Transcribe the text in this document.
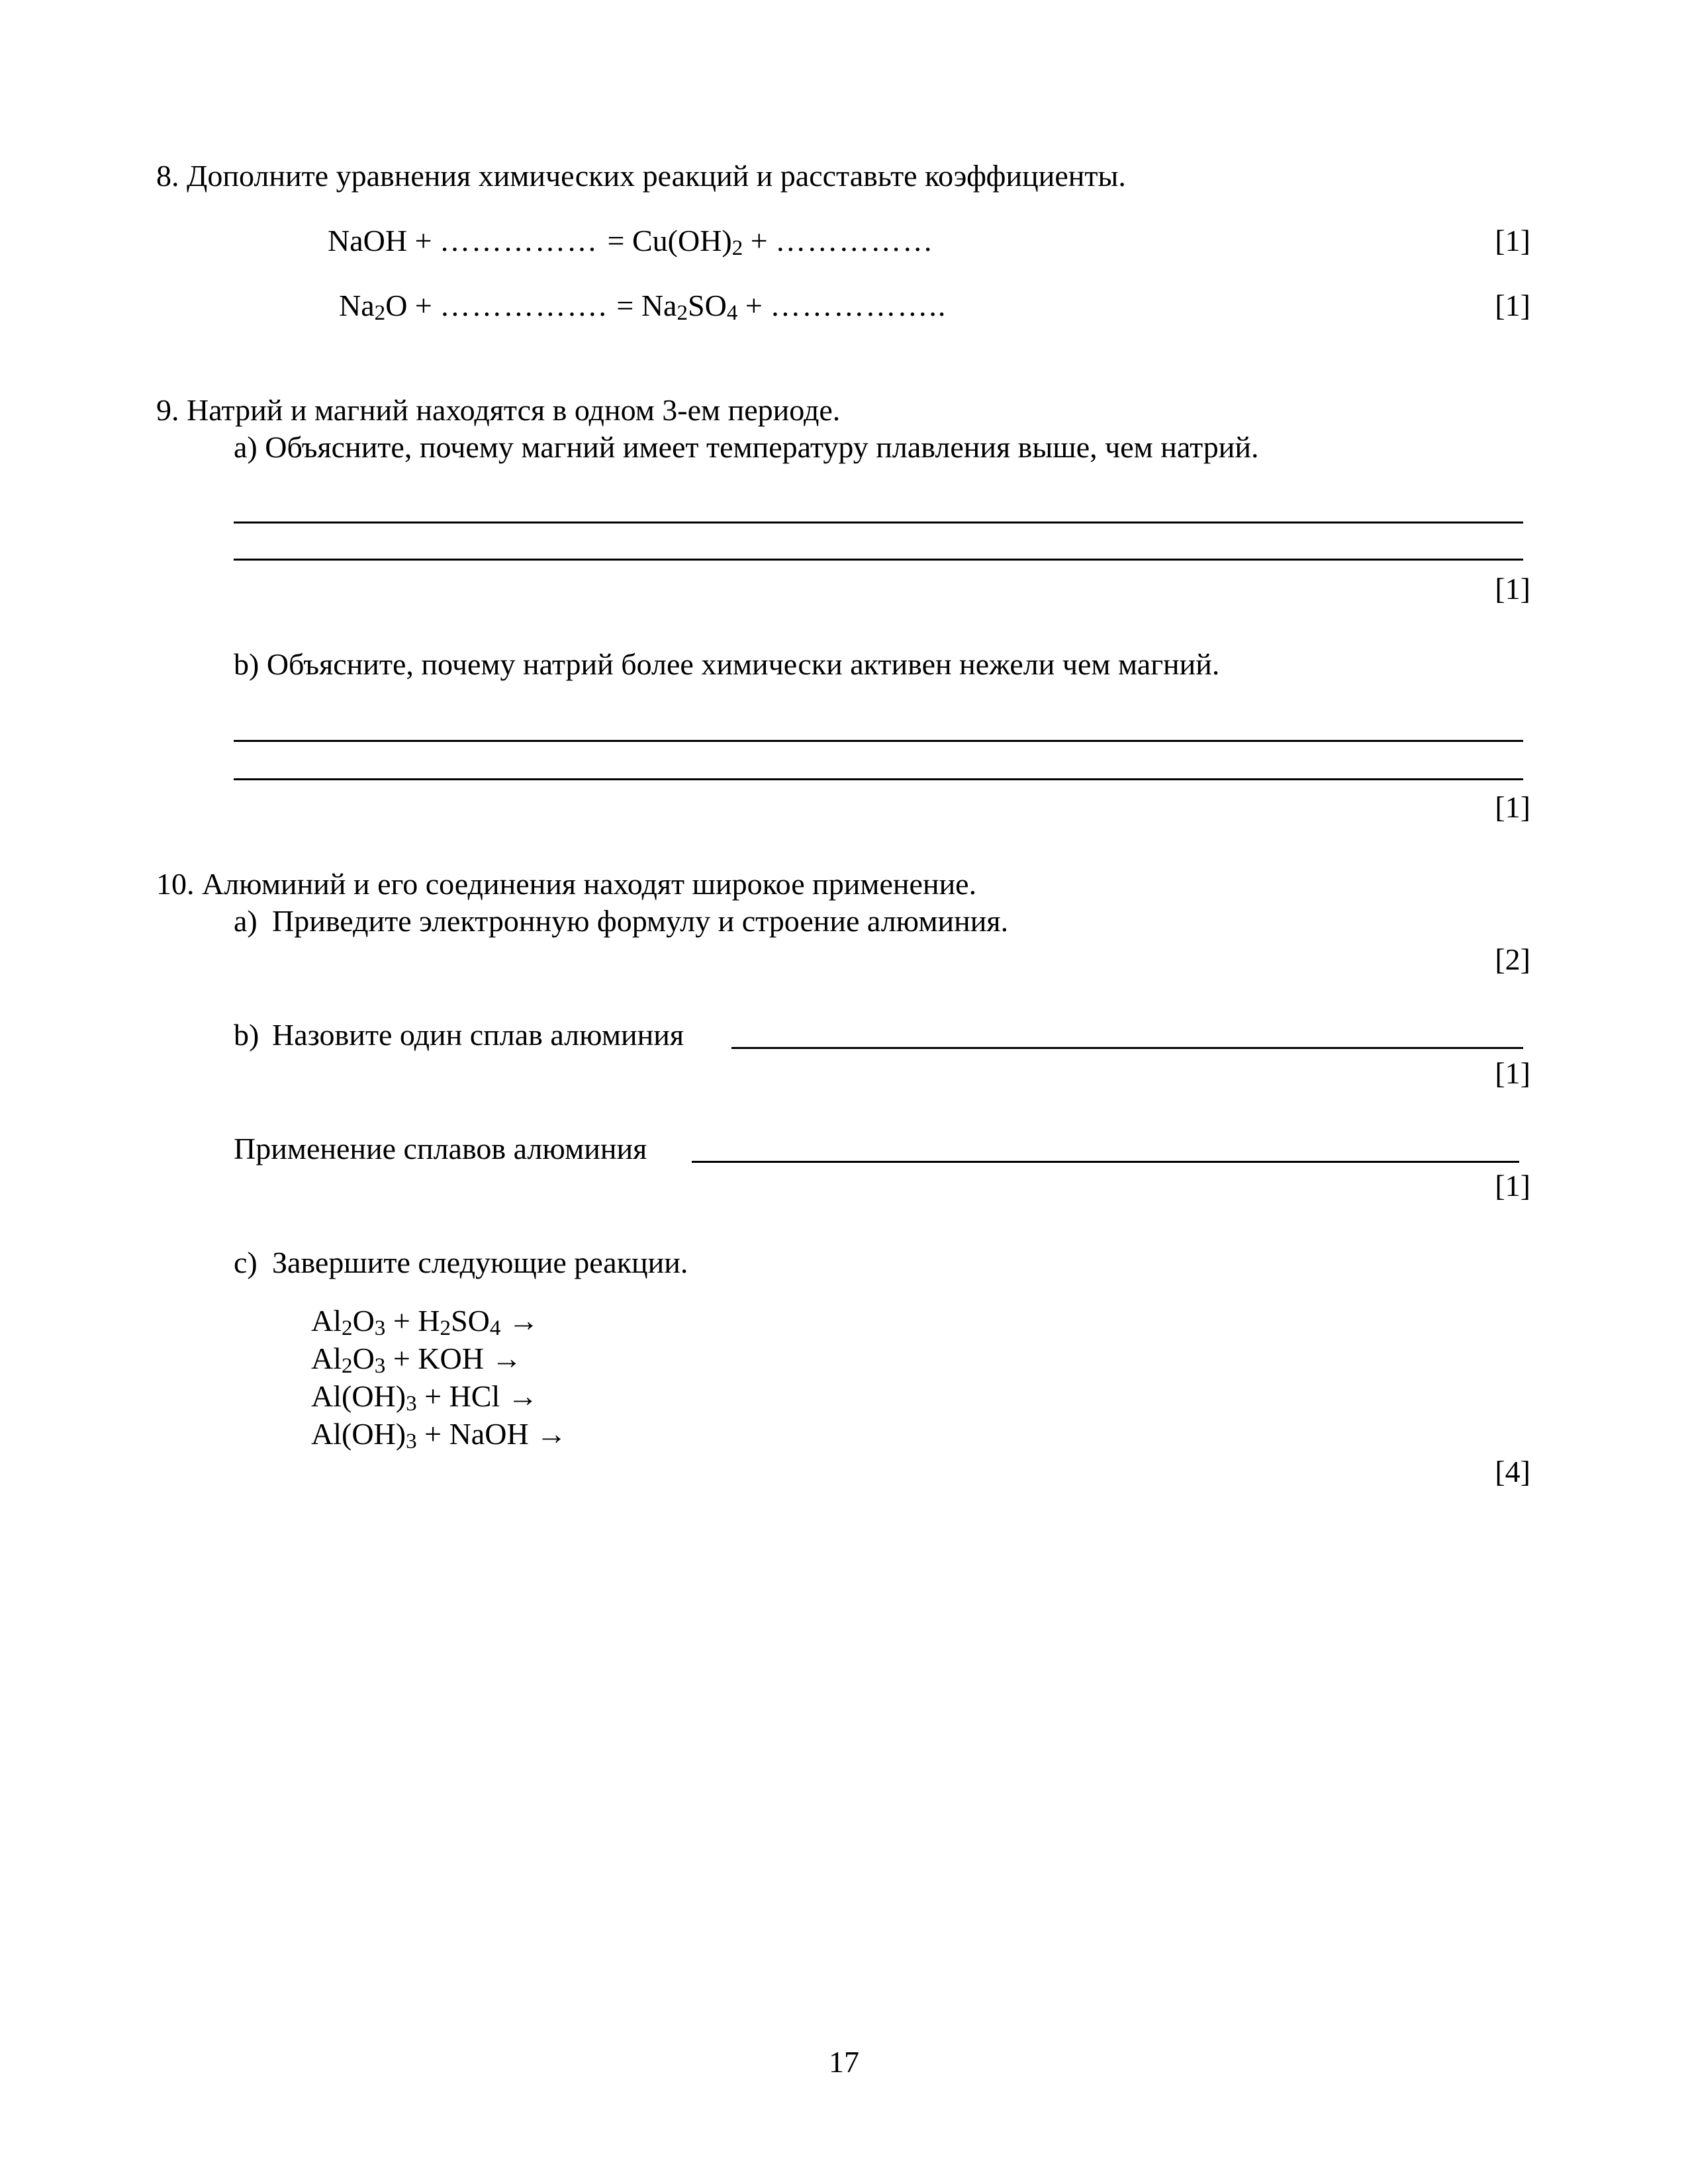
8. Дополните уравнения химических реакций и расставьте коэффициенты.
NaOH + …………… = $Cu(OH)_2$ + ……………	[1]
$Na_2O$ + ……………. = $Na_2SO_4$ + ……………..	[1]
9. Натрий и магний находятся в одном 3-ем периоде.
a) Объясните, почему магний имеет температуру плавления выше, чем натрий.
[1]
b) Объясните, почему натрий более химически активен нежели чем магний.
[1]
10. Алюминий и его соединения находят широкое применение.
a) Приведите электронную формулу и строение алюминия.
[2]
b) Назовите один сплав алюминия
[1]
Применение сплавов алюминия
[1]
c) Завершите следующие реакции.
$Al_2O_3 + H_2SO_4$ →
$Al_2O_3$ + KOH →
$Al(OH)_3$ + HCl →
$Al(OH)_3$ + NaOH →
[4]
17
